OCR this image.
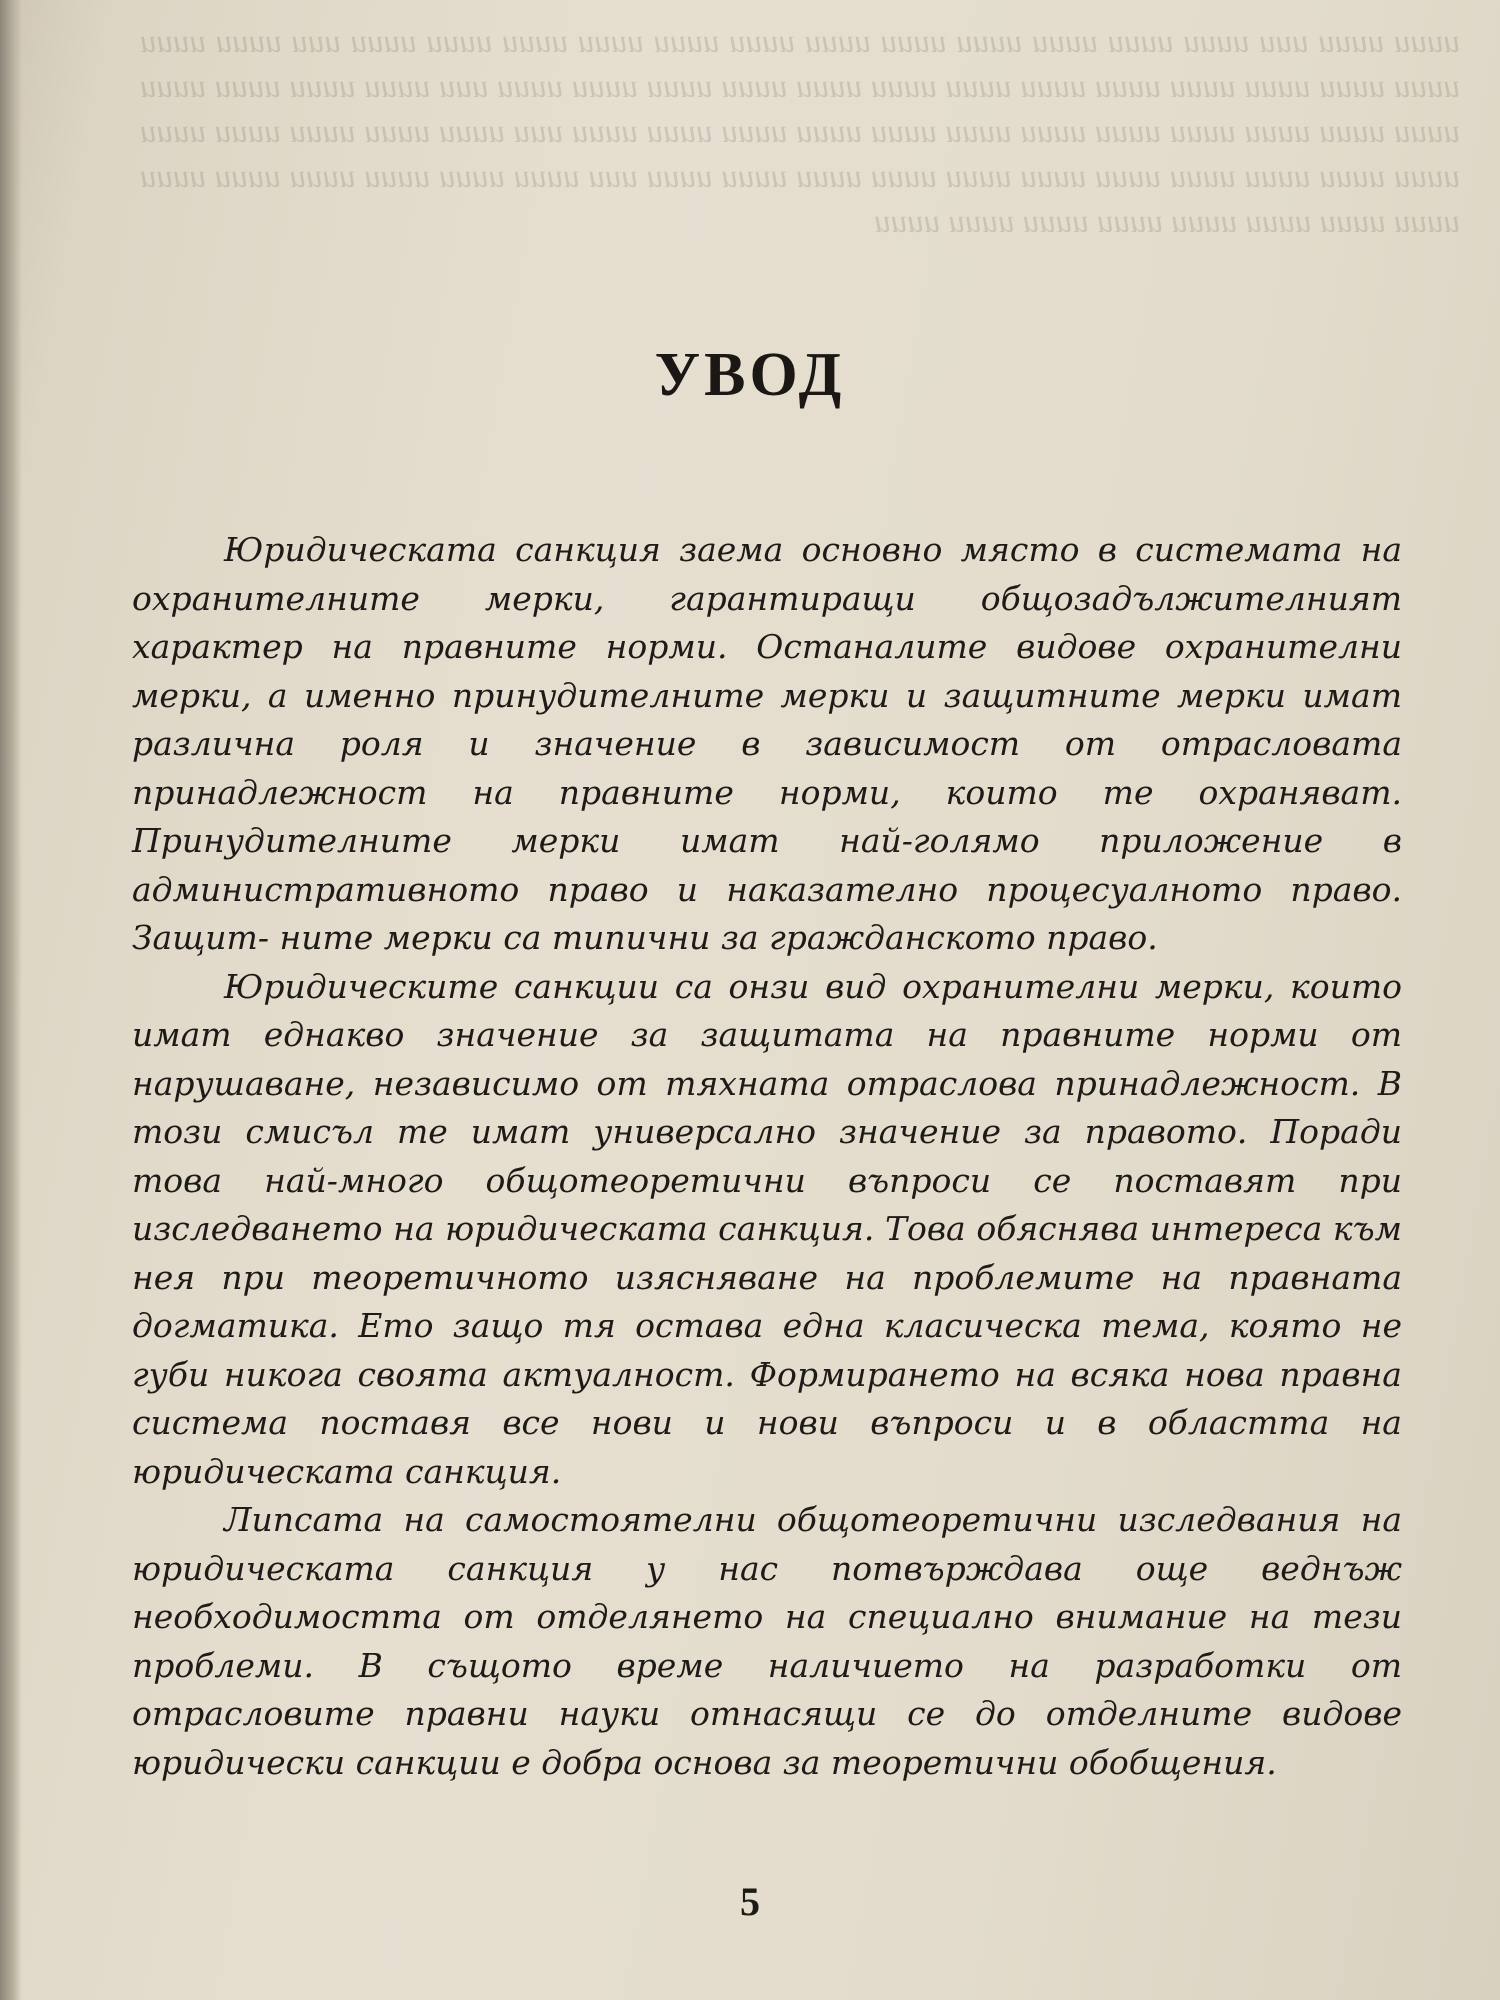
ииии ииии иии ииии ииии ииии ииии ииии ииии ииии ииии ииии ииии ииии ииии иии ииии ииии ииии ииии ииии ииии ииии ииии ииии ииии ииии ииии ииии ииии ииии иии ииии ииии ииии ииии ииии ииии ииии ииии ииии ииии ииии ииии ииии ииии ииии ииии иии ииии ииии ииии ииии ииии ииии ииии ииии ииии ииии ииии ииии ииии ииии ииии ииии иии ииии ииии ииии ииии ииии ииии ииии ииии ииии ииии ииии ииии ииии ииии
УВОД

Юридическата санкция заема основно място в системата на охранителните мерки, гарантиращи общозадължителният характер на правните норми. Останалите видове охранителни мерки, а именно принудителните мерки и защитните мерки имат различна роля и значение в зависимост от отрасловата принадлежност на правните норми, които те охраняват. Принудителните мерки имат най-голямо приложение в административното право и наказателно процесуалното право. Защит- ните мерки са типични за гражданското право.

Юридическите санкции са онзи вид охранителни мерки, които имат еднакво значение за защитата на правните норми от нарушаване, независимо от тяхната отраслова принадлежност. В този смисъл те имат универсално значение за правото. Поради това най-много общотеоретични въпроси се поставят при изследването на юридическата санкция. Това обяснява интереса към нея при теоретичното изясняване на проблемите на правната догматика. Ето защо тя остава една класическа тема, която не губи никога своята актуалност. Формирането на всяка нова правна система поставя все нови и нови въпроси и в областта на юридическата санкция.

Липсата на самостоятелни общотеоретични изследвания на юридическата санкция у нас потвърждава още веднъж необходимостта от отделянето на специално внимание на тези проблеми. В същото време наличието на разработки от отрасловите правни науки отнасящи се до отделните видове юридически санкции е добра основа за теоретични обобщения.

5
